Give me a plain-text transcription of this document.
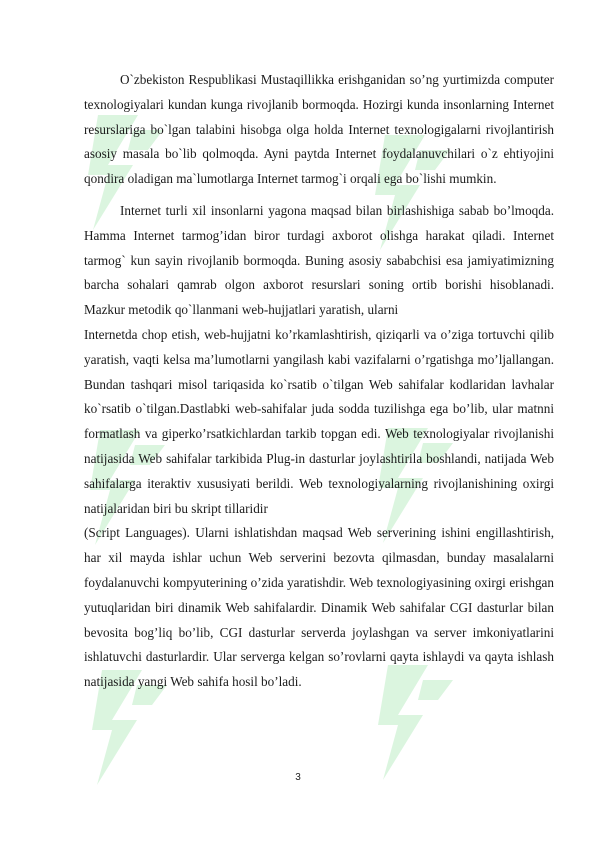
O`zbekiston Respublikasi Mustaqillikka erishganidan so’ng yurtimizda computer texnologiyalari kundan kunga rivojlanib bormoqda. Hozirgi kunda insonlarning Internet resurslariga bo`lgan talabini hisobga olga holda Internet texnologigalarni rivojlantirish asosiy masala bo`lib qolmoqda. Ayni paytda Internet foydalanuvchilari o`z ehtiyojini qondira oladigan ma`lumotlarga Internet tarmog`i orqali ega bo`lishi mumkin.

Internet turli xil insonlarni yagona maqsad bilan birlashishiga sabab bo’lmoqda. Hamma Internet tarmog’idan biror turdagi axborot olishga harakat qiladi. Internet tarmog` kun sayin rivojlanib bormoqda. Buning asosiy sababchisi esa jamiyatimizning barcha sohalari qamrab olgon axborot resurslari soning ortib borishi hisoblanadi. Mazkur metodik qo`llanmani web-hujjatlari yaratish, ularni

Internetda chop etish, web-hujjatni ko’rkamlashtirish, qiziqarli va o’ziga tortuvchi qilib yaratish, vaqti kelsa ma’lumotlarni yangilash kabi vazifalarni o’rgatishga mo’ljallangan. Bundan tashqari misol tariqasida ko`rsatib o`tilgan Web sahifalar kodlaridan lavhalar ko`rsatib o`tilgan.Dastlabki web-sahifalar juda sodda tuzilishga ega bo’lib, ular matnni formatlash va giperko’rsatkichlardan tarkib topgan edi. Web texnologiyalar rivojlanishi natijasida Web sahifalar tarkibida Plug-in dasturlar joylashtirila boshlandi, natijada Web sahifalarga iteraktiv xususiyati berildi. Web texnologiyalarning rivojlanishining oxirgi natijalaridan biri bu skript tillaridir

(Script Languages). Ularni ishlatishdan maqsad Web serverining ishini engillashtirish, har xil mayda ishlar uchun Web serverini bezovta qilmasdan, bunday masalalarni foydalanuvchi kompyuterining o’zida yaratishdir. Web texnologiyasining oxirgi erishgan yutuqlaridan biri dinamik Web sahifalardir. Dinamik Web sahifalar CGI dasturlar bilan bevosita bog’liq bo’lib, CGI dasturlar serverda joylashgan va server imkoniyatlarini ishlatuvchi dasturlardir. Ular serverga kelgan so’rovlarni qayta ishlaydi va qayta ishlash natijasida yangi Web sahifa hosil bo’ladi.

3
